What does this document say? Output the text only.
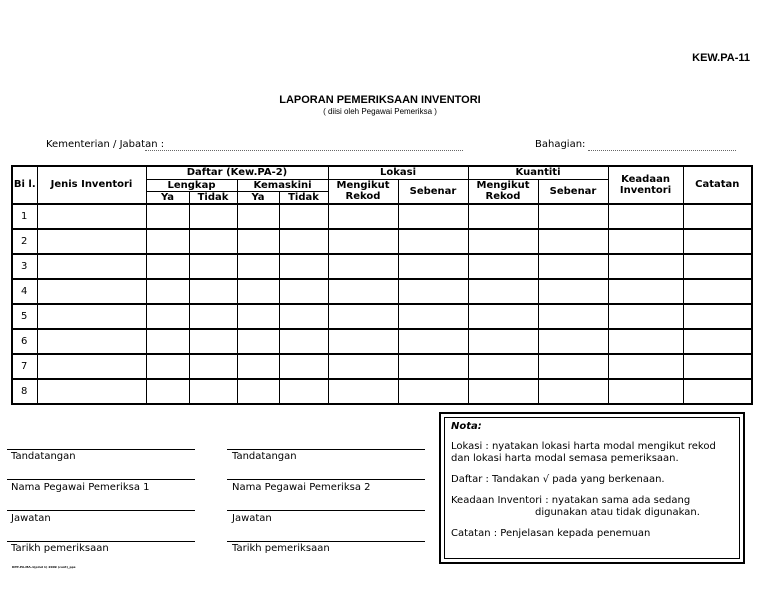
KEW.PA-11
LAPORAN PEMERIKSAAN INVENTORI
( diisi oleh Pegawai Pemeriksa )
Kementerian / Jabatan :	Bahagian:
Bi l.	Jenis Inventori	Daftar (Kew.PA-2)				Lokasi		Kuantiti		Keadaan Inventori	Catatan
		Lengkap		Kemaskini		Mengikut Rekod	Sebenar	Mengikut Rekod	Sebenar		
		Ya	Tidak	Ya	Tidak						
1											
2											
3											
4											
5											
6											
7											
8											
Tandatangan
Nama Pegawai Pemeriksa 1
Jawatan
Tarikh pemeriksaan
Tandatangan
Nama Pegawai Pemeriksa 2
Jawatan
Tarikh pemeriksaan

Nota:

Lokasi : nyatakan lokasi harta modal mengikut rekod dan lokasi harta modal semasa pemeriksaan.

Daftar : Tandakan √ pada yang berkenaan.

Keadaan Inventori : nyatakan sama ada sedang

digunakan atau tidak digunakan.

Catatan : Penjelasan kepada penemuan

KPP-PA-MA-1(pind 1) 2009 (cont)_pps
